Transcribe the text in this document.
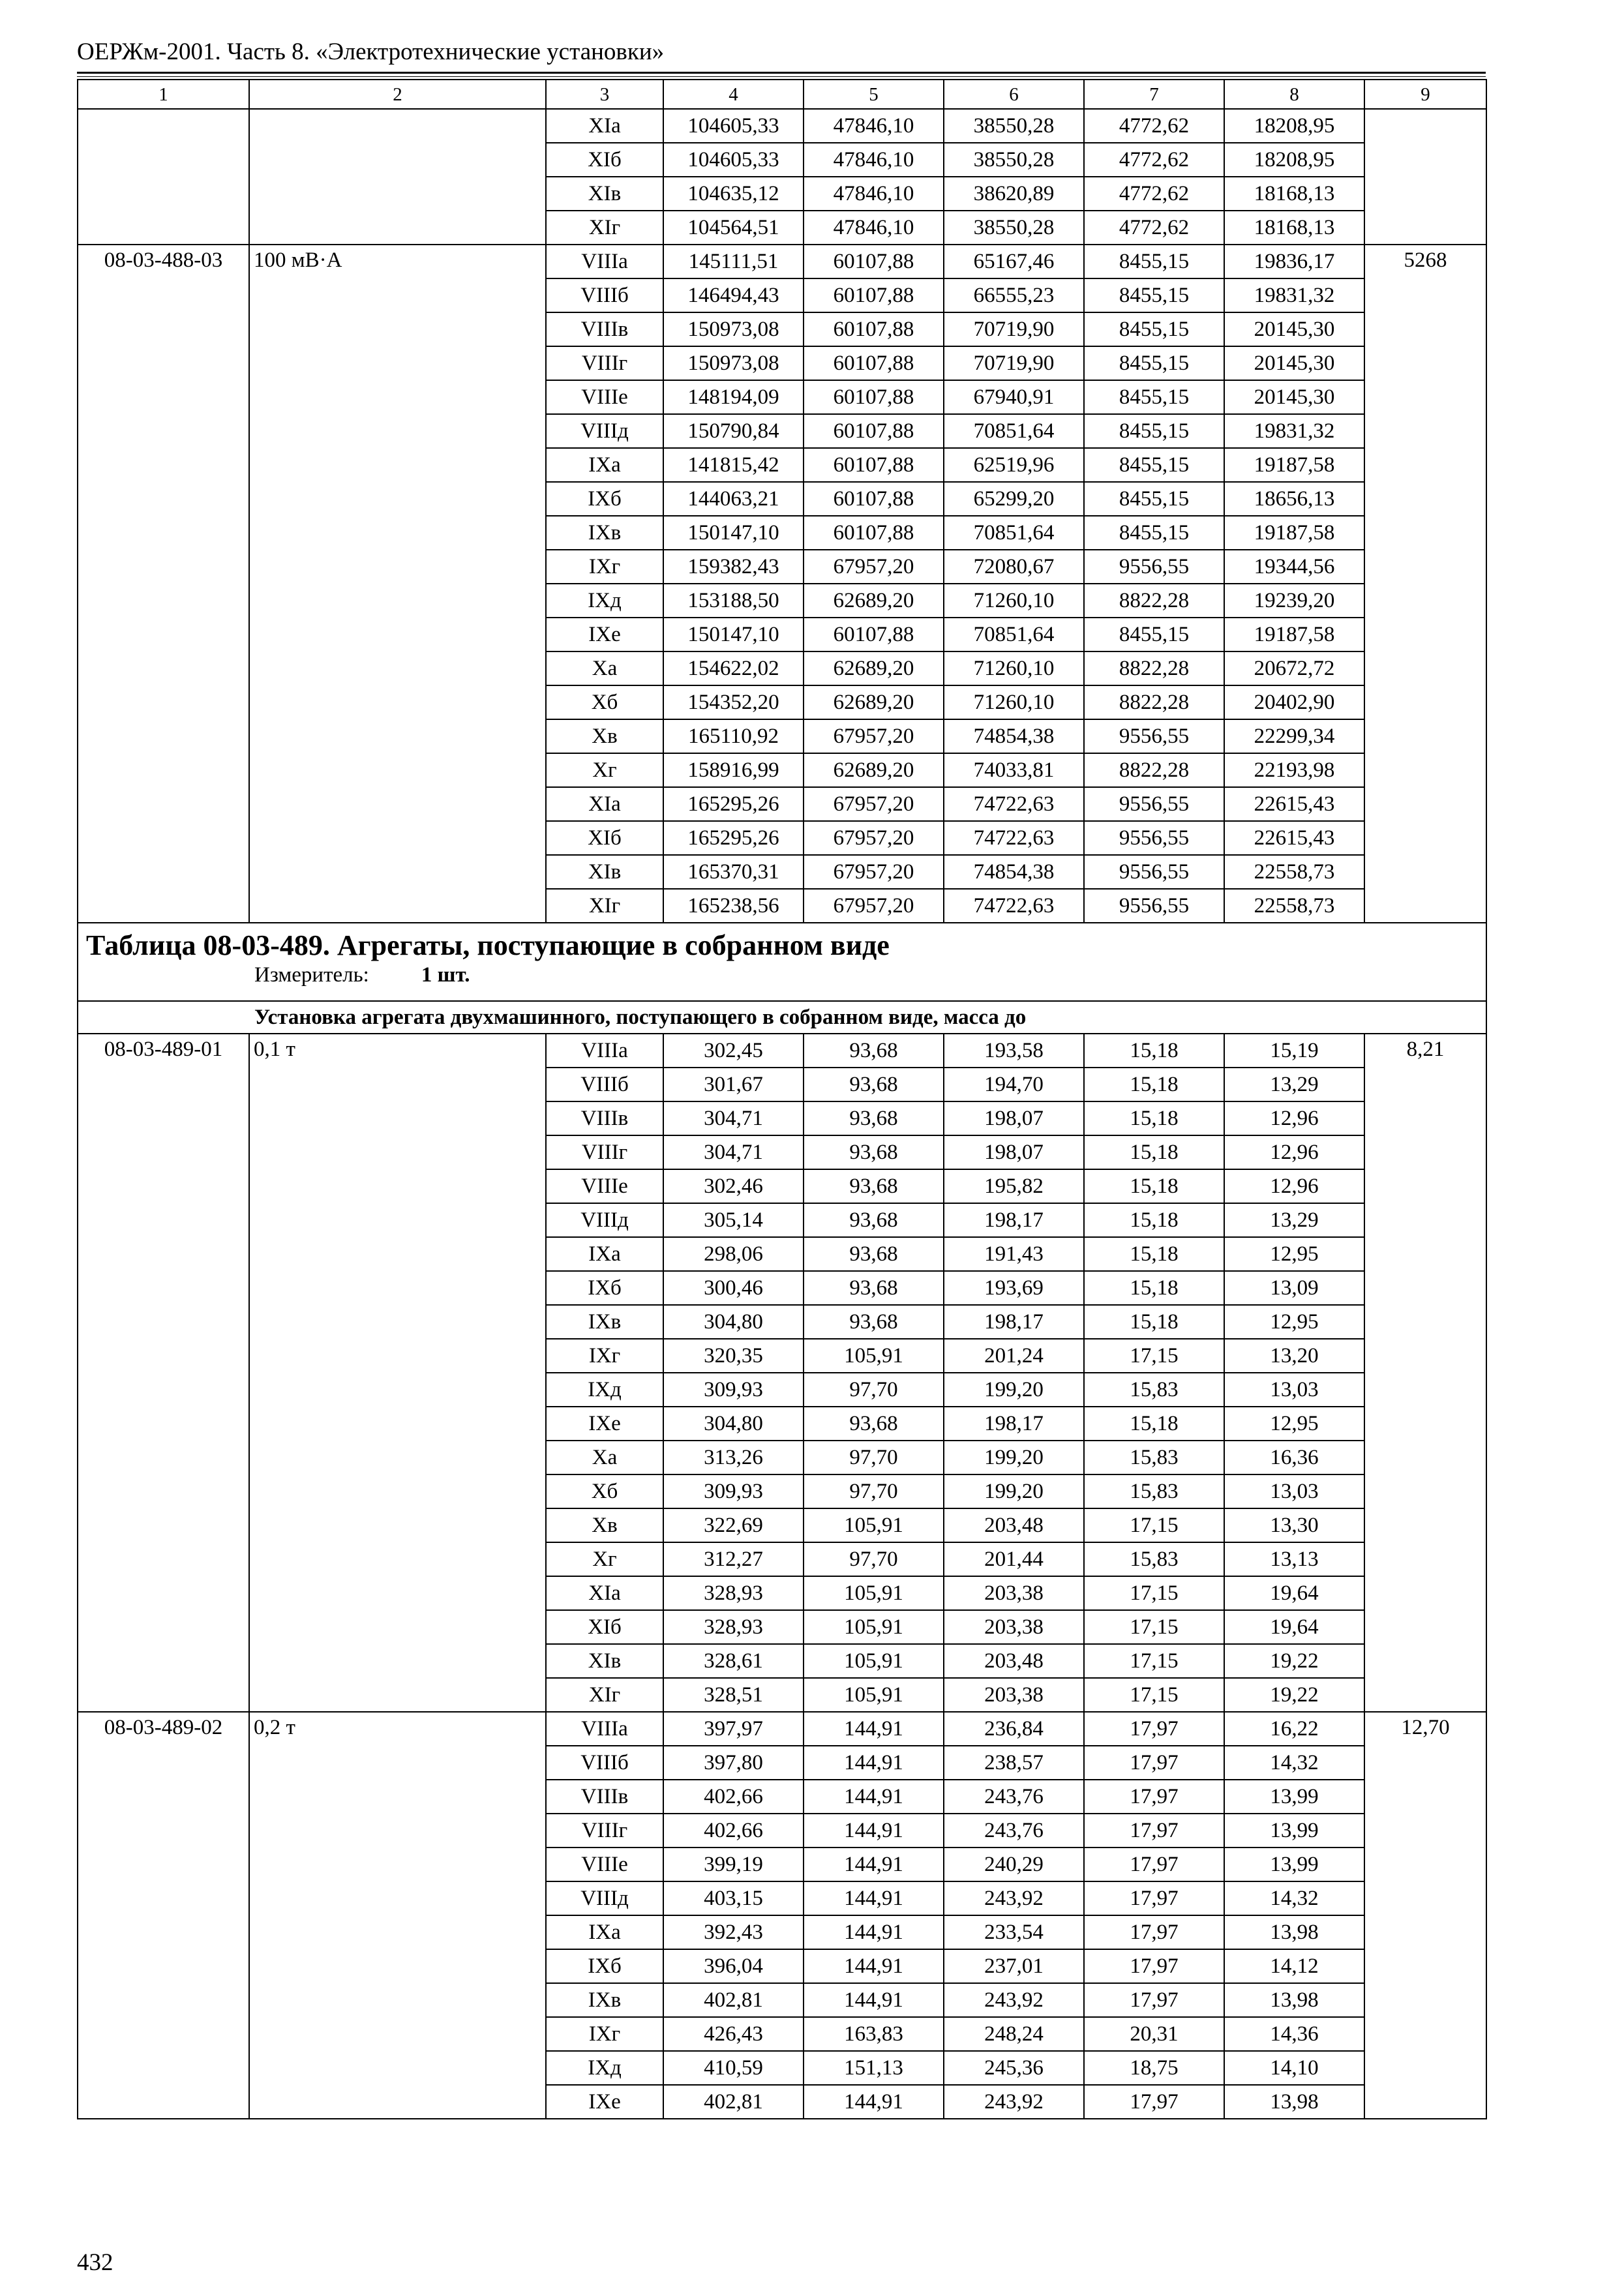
ОЕРЖм-2001. Часть 8. «Электротехнические установки»
1	2	3	4	5	6	7	8	9
		XIа	104605,33	47846,10	38550,28	4772,62	18208,95	
		XIб	104605,33	47846,10	38550,28	4772,62	18208,95	
		XIв	104635,12	47846,10	38620,89	4772,62	18168,13	
		XIг	104564,51	47846,10	38550,28	4772,62	18168,13	
08-03-488-03	100 мВ·А	VIIIа	145111,51	60107,88	65167,46	8455,15	19836,17	5268
		VIIIб	146494,43	60107,88	66555,23	8455,15	19831,32	
		VIIIв	150973,08	60107,88	70719,90	8455,15	20145,30	
		VIIIг	150973,08	60107,88	70719,90	8455,15	20145,30	
		VIIIе	148194,09	60107,88	67940,91	8455,15	20145,30	
		VIIIд	150790,84	60107,88	70851,64	8455,15	19831,32	
		IXа	141815,42	60107,88	62519,96	8455,15	19187,58	
		IXб	144063,21	60107,88	65299,20	8455,15	18656,13	
		IXв	150147,10	60107,88	70851,64	8455,15	19187,58	
		IXг	159382,43	67957,20	72080,67	9556,55	19344,56	
		IXд	153188,50	62689,20	71260,10	8822,28	19239,20	
		IXе	150147,10	60107,88	70851,64	8455,15	19187,58	
		Xа	154622,02	62689,20	71260,10	8822,28	20672,72	
		Xб	154352,20	62689,20	71260,10	8822,28	20402,90	
		Xв	165110,92	67957,20	74854,38	9556,55	22299,34	
		Xг	158916,99	62689,20	74033,81	8822,28	22193,98	
		XIа	165295,26	67957,20	74722,63	9556,55	22615,43	
		XIб	165295,26	67957,20	74722,63	9556,55	22615,43	
		XIв	165370,31	67957,20	74854,38	9556,55	22558,73	
		XIг	165238,56	67957,20	74722,63	9556,55	22558,73	

Таблица 08-03-489. Агрегаты, поступающие в собранном виде
Измеритель: 1 шт.								

Установка агрегата двухмашинного, поступающего в собранном виде, масса до								
08-03-489-01	0,1 т	VIIIа	302,45	93,68	193,58	15,18	15,19	8,21
		VIIIб	301,67	93,68	194,70	15,18	13,29	
		VIIIв	304,71	93,68	198,07	15,18	12,96	
		VIIIг	304,71	93,68	198,07	15,18	12,96	
		VIIIе	302,46	93,68	195,82	15,18	12,96	
		VIIIд	305,14	93,68	198,17	15,18	13,29	
		IXа	298,06	93,68	191,43	15,18	12,95	
		IXб	300,46	93,68	193,69	15,18	13,09	
		IXв	304,80	93,68	198,17	15,18	12,95	
		IXг	320,35	105,91	201,24	17,15	13,20	
		IXд	309,93	97,70	199,20	15,83	13,03	
		IXе	304,80	93,68	198,17	15,18	12,95	
		Xа	313,26	97,70	199,20	15,83	16,36	
		Xб	309,93	97,70	199,20	15,83	13,03	
		Xв	322,69	105,91	203,48	17,15	13,30	
		Xг	312,27	97,70	201,44	15,83	13,13	
		XIа	328,93	105,91	203,38	17,15	19,64	
		XIб	328,93	105,91	203,38	17,15	19,64	
		XIв	328,61	105,91	203,48	17,15	19,22	
		XIг	328,51	105,91	203,38	17,15	19,22	
08-03-489-02	0,2 т	VIIIа	397,97	144,91	236,84	17,97	16,22	12,70
		VIIIб	397,80	144,91	238,57	17,97	14,32	
		VIIIв	402,66	144,91	243,76	17,97	13,99	
		VIIIг	402,66	144,91	243,76	17,97	13,99	
		VIIIе	399,19	144,91	240,29	17,97	13,99	
		VIIIд	403,15	144,91	243,92	17,97	14,32	
		IXа	392,43	144,91	233,54	17,97	13,98	
		IXб	396,04	144,91	237,01	17,97	14,12	
		IXв	402,81	144,91	243,92	17,97	13,98	
		IXг	426,43	163,83	248,24	20,31	14,36	
		IXд	410,59	151,13	245,36	18,75	14,10	
		IXе	402,81	144,91	243,92	17,97	13,98	
432
